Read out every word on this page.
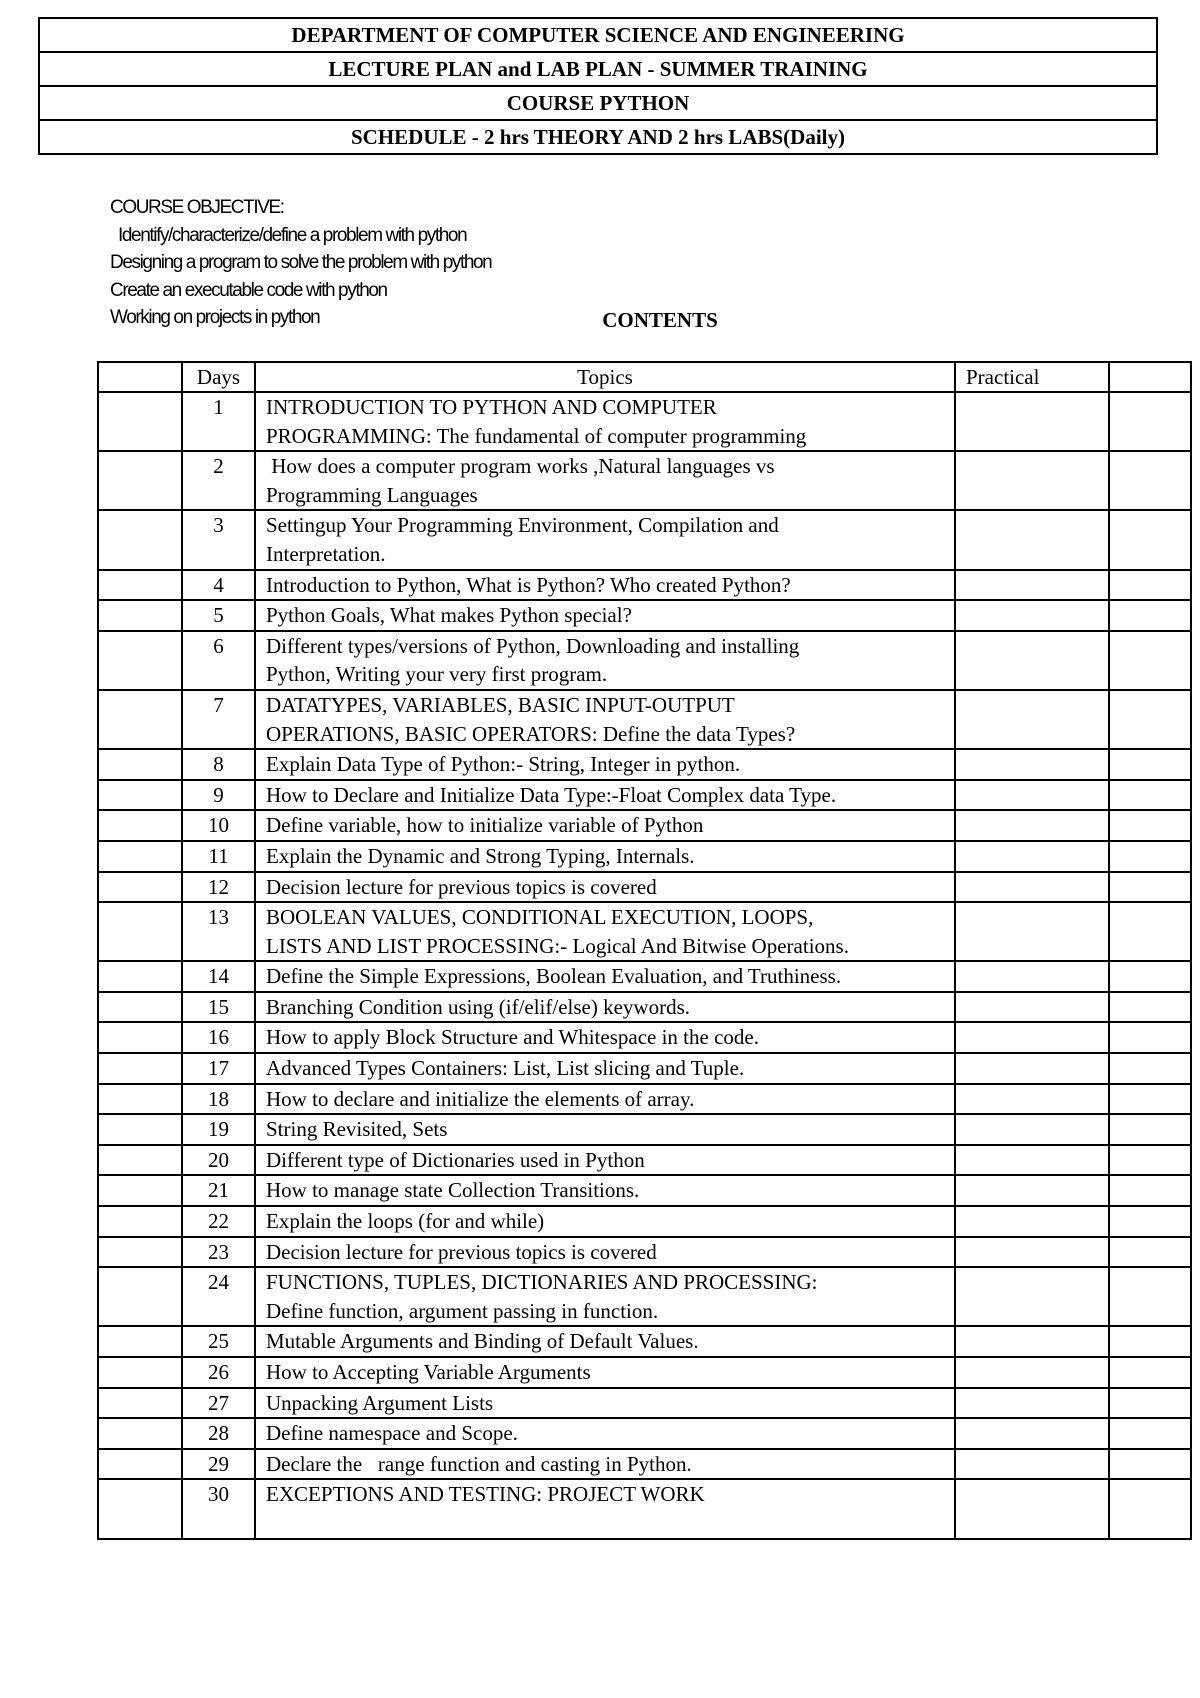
DEPARTMENT OF COMPUTER SCIENCE AND ENGINEERING
LECTURE PLAN and LAB PLAN - SUMMER TRAINING
COURSE PYTHON
SCHEDULE - 2 hrs THEORY AND 2 hrs LABS(Daily)
COURSE OBJECTIVE:
Identify/characterize/define a problem with python
Designing a program to solve the problem with python
Create an executable code with python
Working on projects in python	CONTENTS
	Days	Topics	Practical	
	1	INTRODUCTION TO PYTHON AND COMPUTER
PROGRAMMING: The fundamental of computer programming		

	2	How does a computer program works ,Natural languages vs
Programming Languages		

	3	Settingup Your Programming Environment, Compilation and
Interpretation.		

	4	Introduction to Python, What is Python? Who created Python?		

	5	Python Goals, What makes Python special?		

	6	Different types/versions of Python, Downloading and installing
Python, Writing your very first program.		

	7	DATATYPES, VARIABLES, BASIC INPUT-OUTPUT
OPERATIONS, BASIC OPERATORS: Define the data Types?		

	8	Explain Data Type of Python:- String, Integer in python.		

	9	How to Declare and Initialize Data Type:-Float Complex data Type.		

	10	Define variable, how to initialize variable of Python		

	11	Explain the Dynamic and Strong Typing, Internals.		

	12	Decision lecture for previous topics is covered		

	13	BOOLEAN VALUES, CONDITIONAL EXECUTION, LOOPS,
LISTS AND LIST PROCESSING:- Logical And Bitwise Operations.		

	14	Define the Simple Expressions, Boolean Evaluation, and Truthiness.		

	15	Branching Condition using (if/elif/else) keywords.		

	16	How to apply Block Structure and Whitespace in the code.		

	17	Advanced Types Containers: List, List slicing and Tuple.		

	18	How to declare and initialize the elements of array.		

	19	String Revisited, Sets		

	20	Different type of Dictionaries used in Python		

	21	How to manage state Collection Transitions.		

	22	Explain the loops (for and while)		

	23	Decision lecture for previous topics is covered		

	24	FUNCTIONS, TUPLES, DICTIONARIES AND PROCESSING:
Define function, argument passing in function.		

	25	Mutable Arguments and Binding of Default Values.		

	26	How to Accepting Variable Arguments		

	27	Unpacking Argument Lists		

	28	Define namespace and Scope.		

	29	Declare the   range function and casting in Python.		

	30	EXCEPTIONS AND TESTING: PROJECT WORK		
